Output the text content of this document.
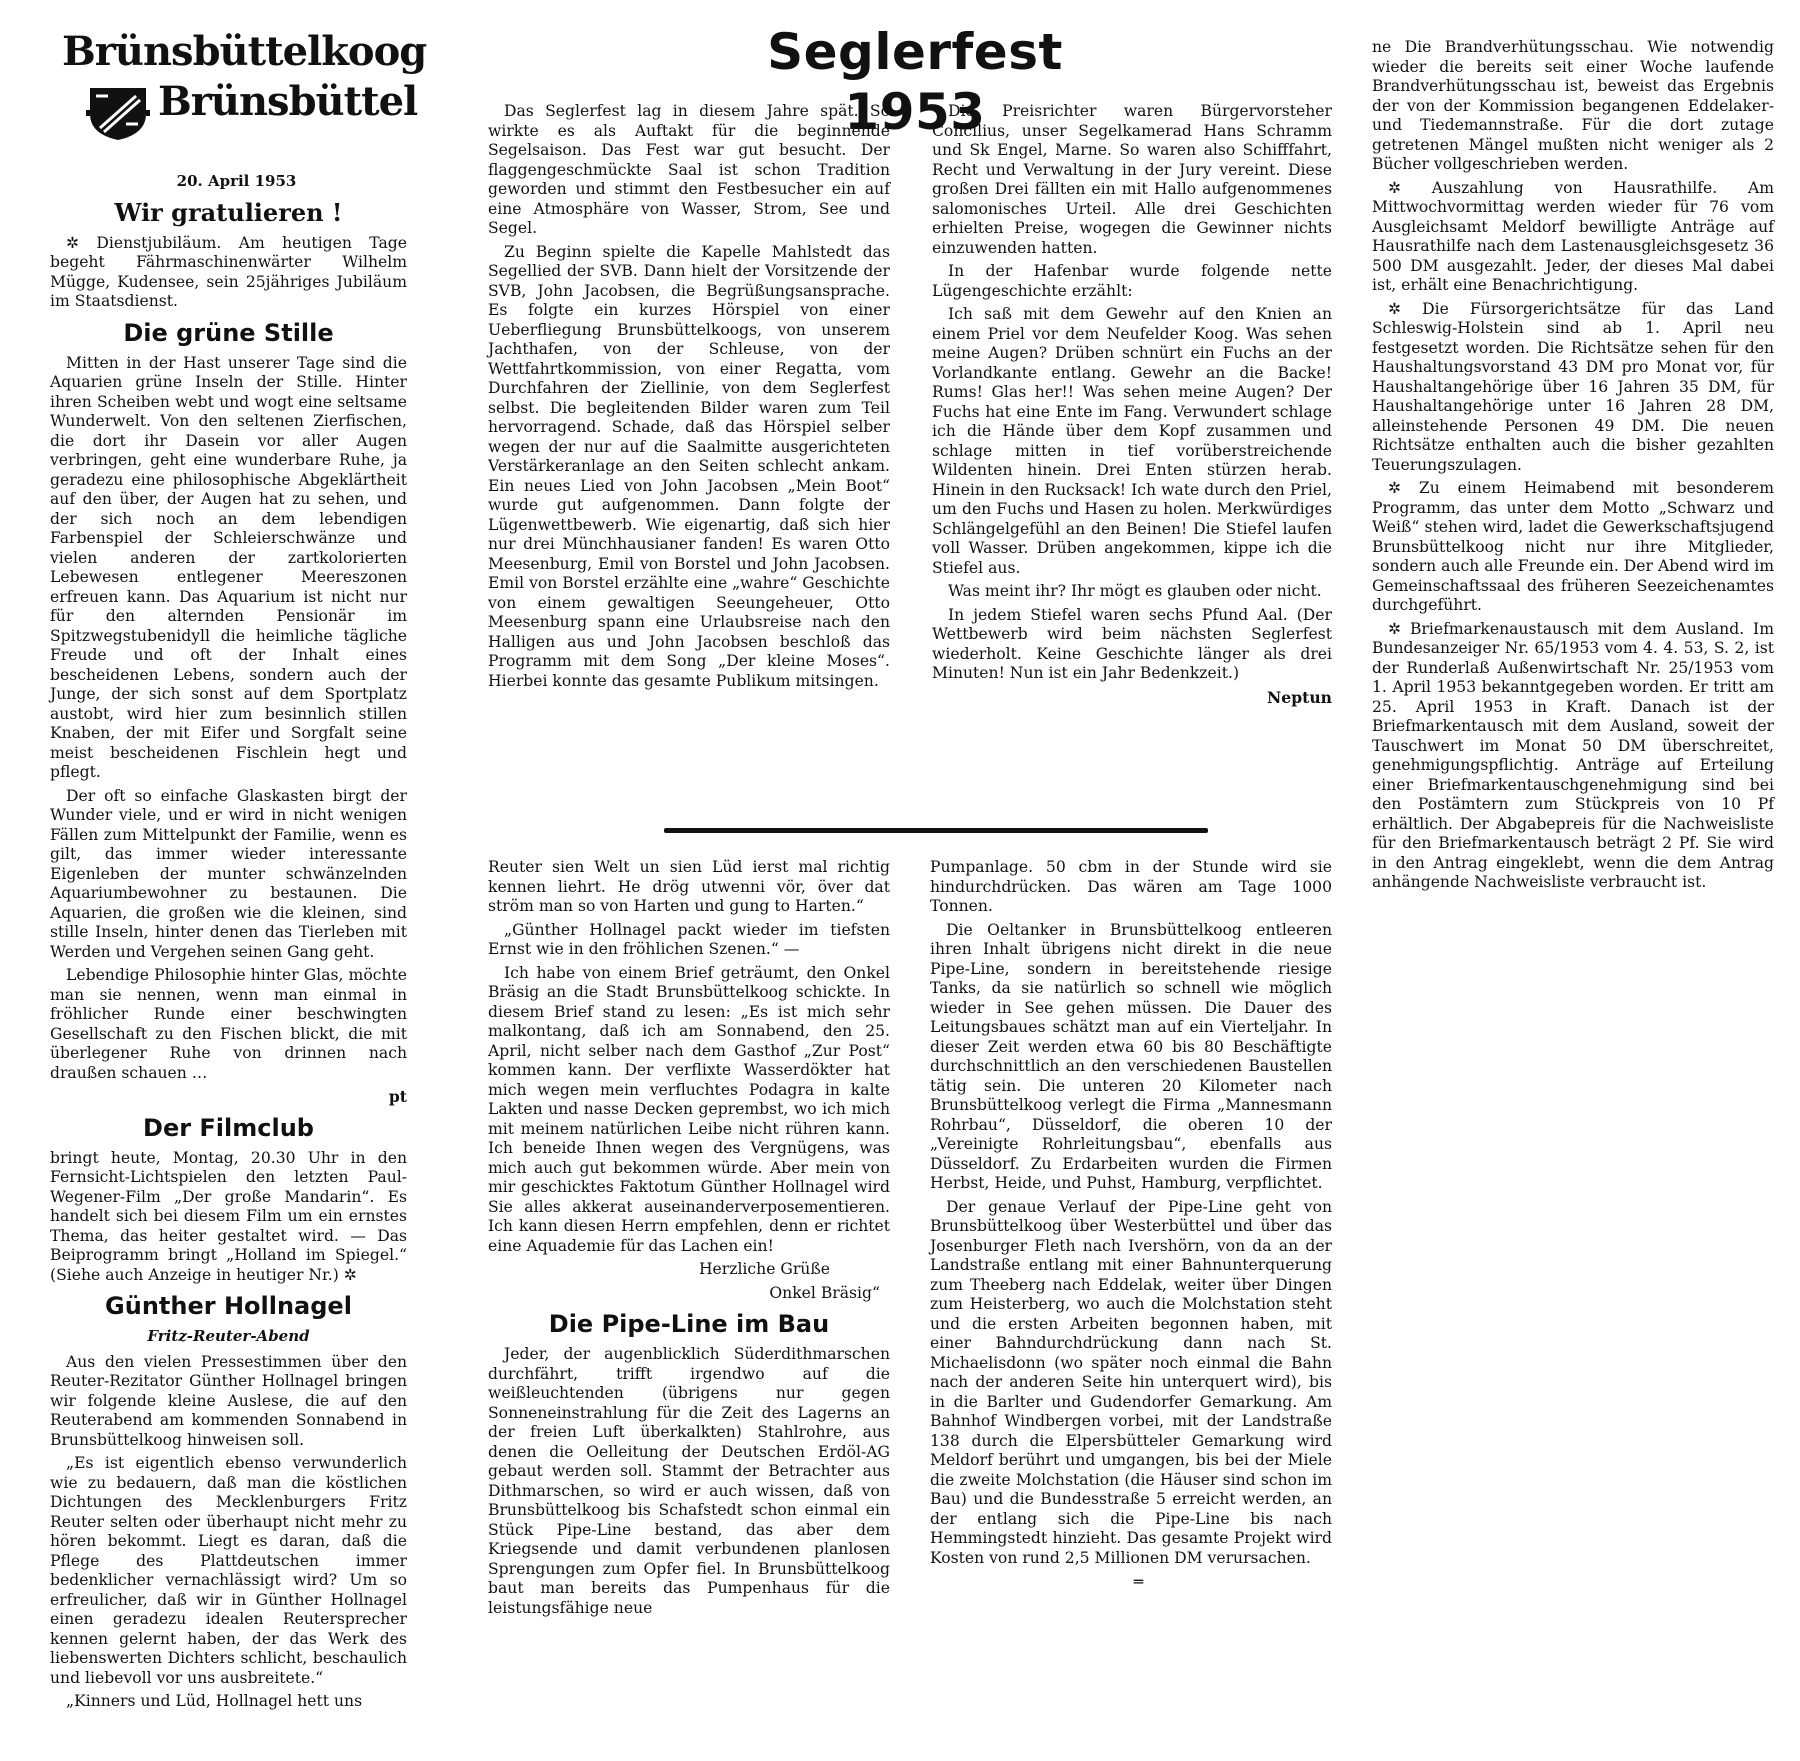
Brünsbüttelkoog
Brünsbüttel
Seglerfest 1953

20. April 1953

Wir gratulieren !

✲ Dienstjubiläum. Am heutigen Tage begeht Fährmaschinenwärter Wilhelm Mügge, Kudensee, sein 25jähriges Jubiläum im Staatsdienst.

Die grüne Stille

Mitten in der Hast unserer Tage sind die Aquarien grüne Inseln der Stille. Hinter ihren Scheiben webt und wogt eine seltsame Wunderwelt. Von den seltenen Zierfischen, die dort ihr Dasein vor aller Augen verbringen, geht eine wunderbare Ruhe, ja geradezu eine philosophische Abgeklärtheit auf den über, der Augen hat zu sehen, und der sich noch an dem lebendigen Farbenspiel der Schleierschwänze und vielen anderen der zartkolorierten Lebewesen entlegener Meereszonen erfreuen kann. Das Aquarium ist nicht nur für den alternden Pensionär im Spitzwegstubenidyll die heimliche tägliche Freude und oft der Inhalt eines bescheidenen Lebens, sondern auch der Junge, der sich sonst auf dem Sportplatz austobt, wird hier zum besinnlich stillen Knaben, der mit Eifer und Sorgfalt seine meist bescheidenen Fischlein hegt und pflegt.

Der oft so einfache Glaskasten birgt der Wunder viele, und er wird in nicht wenigen Fällen zum Mittelpunkt der Familie, wenn es gilt, das immer wieder interessante Eigenleben der munter schwänzelnden Aquariumbewohner zu bestaunen. Die Aquarien, die großen wie die kleinen, sind stille Inseln, hinter denen das Tierleben mit Werden und Vergehen seinen Gang geht.

Lebendige Philosophie hinter Glas, möchte man sie nennen, wenn man einmal in fröhlicher Runde einer beschwingten Gesellschaft zu den Fischen blickt, die mit überlegener Ruhe von drinnen nach draußen schauen …

pt

Der Filmclub

bringt heute, Montag, 20.30 Uhr in den Fernsicht-Lichtspielen den letzten Paul-Wegener-Film „Der große Mandarin“. Es handelt sich bei diesem Film um ein ernstes Thema, das heiter gestaltet wird. — Das Beiprogramm bringt „Holland im Spiegel.“ (Siehe auch Anzeige in heutiger Nr.) ✲

Günther Hollnagel
Fritz-Reuter-Abend

Aus den vielen Pressestimmen über den Reuter-Rezitator Günther Hollnagel bringen wir folgende kleine Auslese, die auf den Reuterabend am kommenden Sonnabend in Brunsbüttelkoog hinweisen soll.

„Es ist eigentlich ebenso verwunderlich wie zu bedauern, daß man die köstlichen Dichtungen des Mecklenburgers Fritz Reuter selten oder überhaupt nicht mehr zu hören bekommt. Liegt es daran, daß die Pflege des Plattdeutschen immer bedenklicher vernachlässigt wird? Um so erfreulicher, daß wir in Günther Hollnagel einen geradezu idealen Reutersprecher kennen gelernt haben, der das Werk des liebenswerten Dichters schlicht, beschaulich und liebevoll vor uns ausbreitete.“

„Kinners und Lüd, Hollnagel hett uns

Das Seglerfest lag in diesem Jahre spät. So wirkte es als Auftakt für die beginnende Segelsaison. Das Fest war gut besucht. Der flaggengeschmückte Saal ist schon Tradition geworden und stimmt den Festbesucher ein auf eine Atmosphäre von Wasser, Strom, See und Segel.

Zu Beginn spielte die Kapelle Mahlstedt das Segellied der SVB. Dann hielt der Vorsitzende der SVB, John Jacobsen, die Begrüßungsansprache. Es folgte ein kurzes Hörspiel von einer Ueberfliegung Brunsbüttelkoogs, von unserem Jachthafen, von der Schleuse, von der Wettfahrtkommission, von einer Regatta, vom Durchfahren der Ziellinie, von dem Seglerfest selbst. Die begleitenden Bilder waren zum Teil hervorragend. Schade, daß das Hörspiel selber wegen der nur auf die Saalmitte ausgerichteten Verstärkeranlage an den Seiten schlecht ankam. Ein neues Lied von John Jacobsen „Mein Boot“ wurde gut aufgenommen. Dann folgte der Lügenwettbewerb. Wie eigenartig, daß sich hier nur drei Münchhausianer fanden! Es waren Otto Meesenburg, Emil von Borstel und John Jacobsen. Emil von Borstel erzählte eine „wahre“ Geschichte von einem gewaltigen Seeungeheuer, Otto Meesenburg spann eine Urlaubsreise nach den Halligen aus und John Jacobsen beschloß das Programm mit dem Song „Der kleine Moses“. Hierbei konnte das gesamte Publikum mitsingen.

Die Preisrichter waren Bürgervorsteher Concilius, unser Segelkamerad Hans Schramm und Sk Engel, Marne. So waren also Schifffahrt, Recht und Verwaltung in der Jury vereint. Diese großen Drei fällten ein mit Hallo aufgenommenes salomonisches Urteil. Alle drei Geschichten erhielten Preise, wogegen die Gewinner nichts einzuwenden hatten.

In der Hafenbar wurde folgende nette Lügengeschichte erzählt:

Ich saß mit dem Gewehr auf den Knien an einem Priel vor dem Neufelder Koog. Was sehen meine Augen? Drüben schnürt ein Fuchs an der Vorlandkante entlang. Gewehr an die Backe! Rums! Glas her!! Was sehen meine Augen? Der Fuchs hat eine Ente im Fang. Verwundert schlage ich die Hände über dem Kopf zusammen und schlage mitten in tief vorüberstreichende Wildenten hinein. Drei Enten stürzen herab. Hinein in den Rucksack! Ich wate durch den Priel, um den Fuchs und Hasen zu holen. Merkwürdiges Schlängelgefühl an den Beinen! Die Stiefel laufen voll Wasser. Drüben angekommen, kippe ich die Stiefel aus.

Was meint ihr? Ihr mögt es glauben oder nicht.

In jedem Stiefel waren sechs Pfund Aal. (Der Wettbewerb wird beim nächsten Seglerfest wiederholt. Keine Geschichte länger als drei Minuten! Nun ist ein Jahr Bedenkzeit.)

Neptun

Reuter sien Welt un sien Lüd ierst mal richtig kennen liehrt. He drög utwenni vör, över dat ström man so von Harten und gung to Harten.“

„Günther Hollnagel packt wieder im tiefsten Ernst wie in den fröhlichen Szenen.“ —

Ich habe von einem Brief geträumt, den Onkel Bräsig an die Stadt Brunsbüttelkoog schickte. In diesem Brief stand zu lesen: „Es ist mich sehr malkontang, daß ich am Sonnabend, den 25. April, nicht selber nach dem Gasthof „Zur Post“ kommen kann. Der verflixte Wasserdökter hat mich wegen mein verfluchtes Podagra in kalte Lakten und nasse Decken geprembst, wo ich mich mit meinem natürlichen Leibe nicht rühren kann. Ich beneide Ihnen wegen des Vergnügens, was mich auch gut bekommen würde. Aber mein von mir geschicktes Faktotum Günther Hollnagel wird Sie alles akkerat auseinanderverposementieren. Ich kann diesen Herrn empfehlen, denn er richtet eine Aquademie für das Lachen ein!

Herzliche Grüße

Onkel Bräsig“

Die Pipe-Line im Bau

Jeder, der augenblicklich Süderdithmarschen durchfährt, trifft irgendwo auf die weißleuchtenden (übrigens nur gegen Sonneneinstrahlung für die Zeit des Lagerns an der freien Luft überkalkten) Stahlrohre, aus denen die Oelleitung der Deutschen Erdöl-AG gebaut werden soll. Stammt der Betrachter aus Dithmarschen, so wird er auch wissen, daß von Brunsbüttelkoog bis Schafstedt schon einmal ein Stück Pipe-Line bestand, das aber dem Kriegsende und damit verbundenen planlosen Sprengungen zum Opfer fiel. In Brunsbüttelkoog baut man bereits das Pumpenhaus für die leistungsfähige neue

Pumpanlage. 50 cbm in der Stunde wird sie hindurchdrücken. Das wären am Tage 1000 Tonnen.

Die Oeltanker in Brunsbüttelkoog entleeren ihren Inhalt übrigens nicht direkt in die neue Pipe-Line, sondern in bereitstehende riesige Tanks, da sie natürlich so schnell wie möglich wieder in See gehen müssen. Die Dauer des Leitungsbaues schätzt man auf ein Vierteljahr. In dieser Zeit werden etwa 60 bis 80 Beschäftigte durchschnittlich an den verschiedenen Baustellen tätig sein. Die unteren 20 Kilometer nach Brunsbüttelkoog verlegt die Firma „Mannesmann Rohrbau“, Düsseldorf, die oberen 10 der „Vereinigte Rohrleitungsbau“, ebenfalls aus Düsseldorf. Zu Erdarbeiten wurden die Firmen Herbst, Heide, und Puhst, Hamburg, verpflichtet.

Der genaue Verlauf der Pipe-Line geht von Brunsbüttelkoog über Westerbüttel und über das Josenburger Fleth nach Ivershörn, von da an der Landstraße entlang mit einer Bahnunterquerung zum Theeberg nach Eddelak, weiter über Dingen zum Heisterberg, wo auch die Molchstation steht und die ersten Arbeiten begonnen haben, mit einer Bahndurchdrückung dann nach St. Michaelisdonn (wo später noch einmal die Bahn nach der anderen Seite hin unterquert wird), bis in die Barlter und Gudendorfer Gemarkung. Am Bahnhof Windbergen vorbei, mit der Landstraße 138 durch die Elpersbütteler Gemarkung wird Meldorf berührt und umgangen, bis bei der Miele die zweite Molchstation (die Häuser sind schon im Bau) und die Bundesstraße 5 erreicht werden, an der entlang sich die Pipe-Line bis nach Hemmingstedt hinzieht. Das gesamte Projekt wird Kosten von rund 2,5 Millionen DM verursachen.

═

ne Die Brandverhütungsschau. Wie notwendig wieder die bereits seit einer Woche laufende Brandverhütungsschau ist, beweist das Ergebnis der von der Kommission begangenen Eddelaker- und Tiedemannstraße. Für die dort zutage getretenen Mängel mußten nicht weniger als 2 Bücher vollgeschrieben werden.

✲ Auszahlung von Hausrathilfe. Am Mittwochvormittag werden wieder für 76 vom Ausgleichsamt Meldorf bewilligte Anträge auf Hausrathilfe nach dem Lastenausgleichsgesetz 36 500 DM ausgezahlt. Jeder, der dieses Mal dabei ist, erhält eine Benachrichtigung.

✲ Die Fürsorgerichtsätze für das Land Schleswig-Holstein sind ab 1. April neu festgesetzt worden. Die Richtsätze sehen für den Haushaltungsvorstand 43 DM pro Monat vor, für Haushaltangehörige über 16 Jahren 35 DM, für Haushaltangehörige unter 16 Jahren 28 DM, alleinstehende Personen 49 DM. Die neuen Richtsätze enthalten auch die bisher gezahlten Teuerungszulagen.

✲ Zu einem Heimabend mit besonderem Programm, das unter dem Motto „Schwarz und Weiß“ stehen wird, ladet die Gewerkschaftsjugend Brunsbüttelkoog nicht nur ihre Mitglieder, sondern auch alle Freunde ein. Der Abend wird im Gemeinschaftssaal des früheren Seezeichenamtes durchgeführt.

✲ Briefmarkenaustausch mit dem Ausland. Im Bundesanzeiger Nr. 65/1953 vom 4. 4. 53, S. 2, ist der Runderlaß Außenwirtschaft Nr. 25/1953 vom 1. April 1953 bekanntgegeben worden. Er tritt am 25. April 1953 in Kraft. Danach ist der Briefmarkentausch mit dem Ausland, soweit der Tauschwert im Monat 50 DM überschreitet, genehmigungspflichtig. Anträge auf Erteilung einer Briefmarkentauschgenehmigung sind bei den Postämtern zum Stückpreis von 10 Pf erhältlich. Der Abgabepreis für die Nachweisliste für den Briefmarkentausch beträgt 2 Pf. Sie wird in den Antrag eingeklebt, wenn die dem Antrag anhängende Nachweisliste verbraucht ist.
